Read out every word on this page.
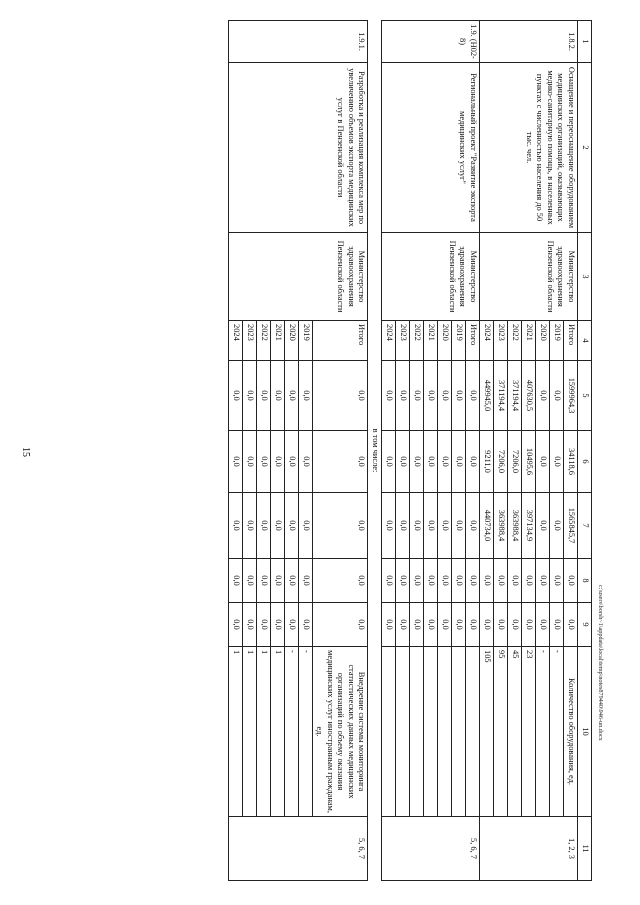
15
1	2	3	4	5	6	7	8	9	10	11
1.8.2.	Оснащение и переоснащение оборудованием медицинских организаций, оказывающих медико-санитарную помощь, в населенных пунктах с численностью населения до 50 тыс. чел.	Министерство здравоохранения Пензенской области	Итого	1599964,3	34118,6	1565845,7	0,0	0,0	Количество оборудования, ед.	1, 2, 3
			2019	0,0	0,0	0,0	0,0	0,0	-	
			2020	0,0	0,0	0,0	0,0	0,0	-	
			2021	407630,5	10495,6	397134,9	0,0	0,0	23	
			2022	371194,4	7206,0	363988,4	0,0	0,0	45	
			2023	371194,4	7206,0	363988,4	0,0	0,0	95	
			2024	449945,0	9211,0	440734,0	0,0	0,0	105	
1.9. (Н02-8)	Региональный проект "Развитие экспорта медицинских услуг"	Министерство здравоохранения Пензенской области	Итого	0,0	0,0	0,0	0,0	0,0		5, 6, 7
			2019	0,0	0,0	0,0	0,0	0,0		
			2020	0,0	0,0	0,0	0,0	0,0		
			2021	0,0	0,0	0,0	0,0	0,0		
			2022	0,0	0,0	0,0	0,0	0,0		
			2023	0,0	0,0	0,0	0,0	0,0		
			2024	0,0	0,0	0,0	0,0	0,0		
в том числе:										
1.9.1.	Разработка и реализация комплекса мер по увеличению объемов экспорта медицинских услуг в Пензенской области	Министерство здравоохранения Пензенской области	Итого	0,0	0,0	0,0	0,0	0,0	Внедрение системы мониторинга статистических данных медицинских организаций по объему оказания медицинских услуг иностранным гражданам, ед.	5, 6, 7
			2019	0,0	0,0	0,0	0,0	0,0	-	
			2020	0,0	0,0	0,0	0,0	0,0	-	
			2021	0,0	0,0	0,0	0,0	0,0	1	
			2022	0,0	0,0	0,0	0,0	0,0	1	
			2023	0,0	0,0	0,0	0,0	0,0	1	
			2024	0,0	0,0	0,0	0,0	0,0	1		c:\users\borsh~1\appdata\local\temp\notes879440\946-un.docx
